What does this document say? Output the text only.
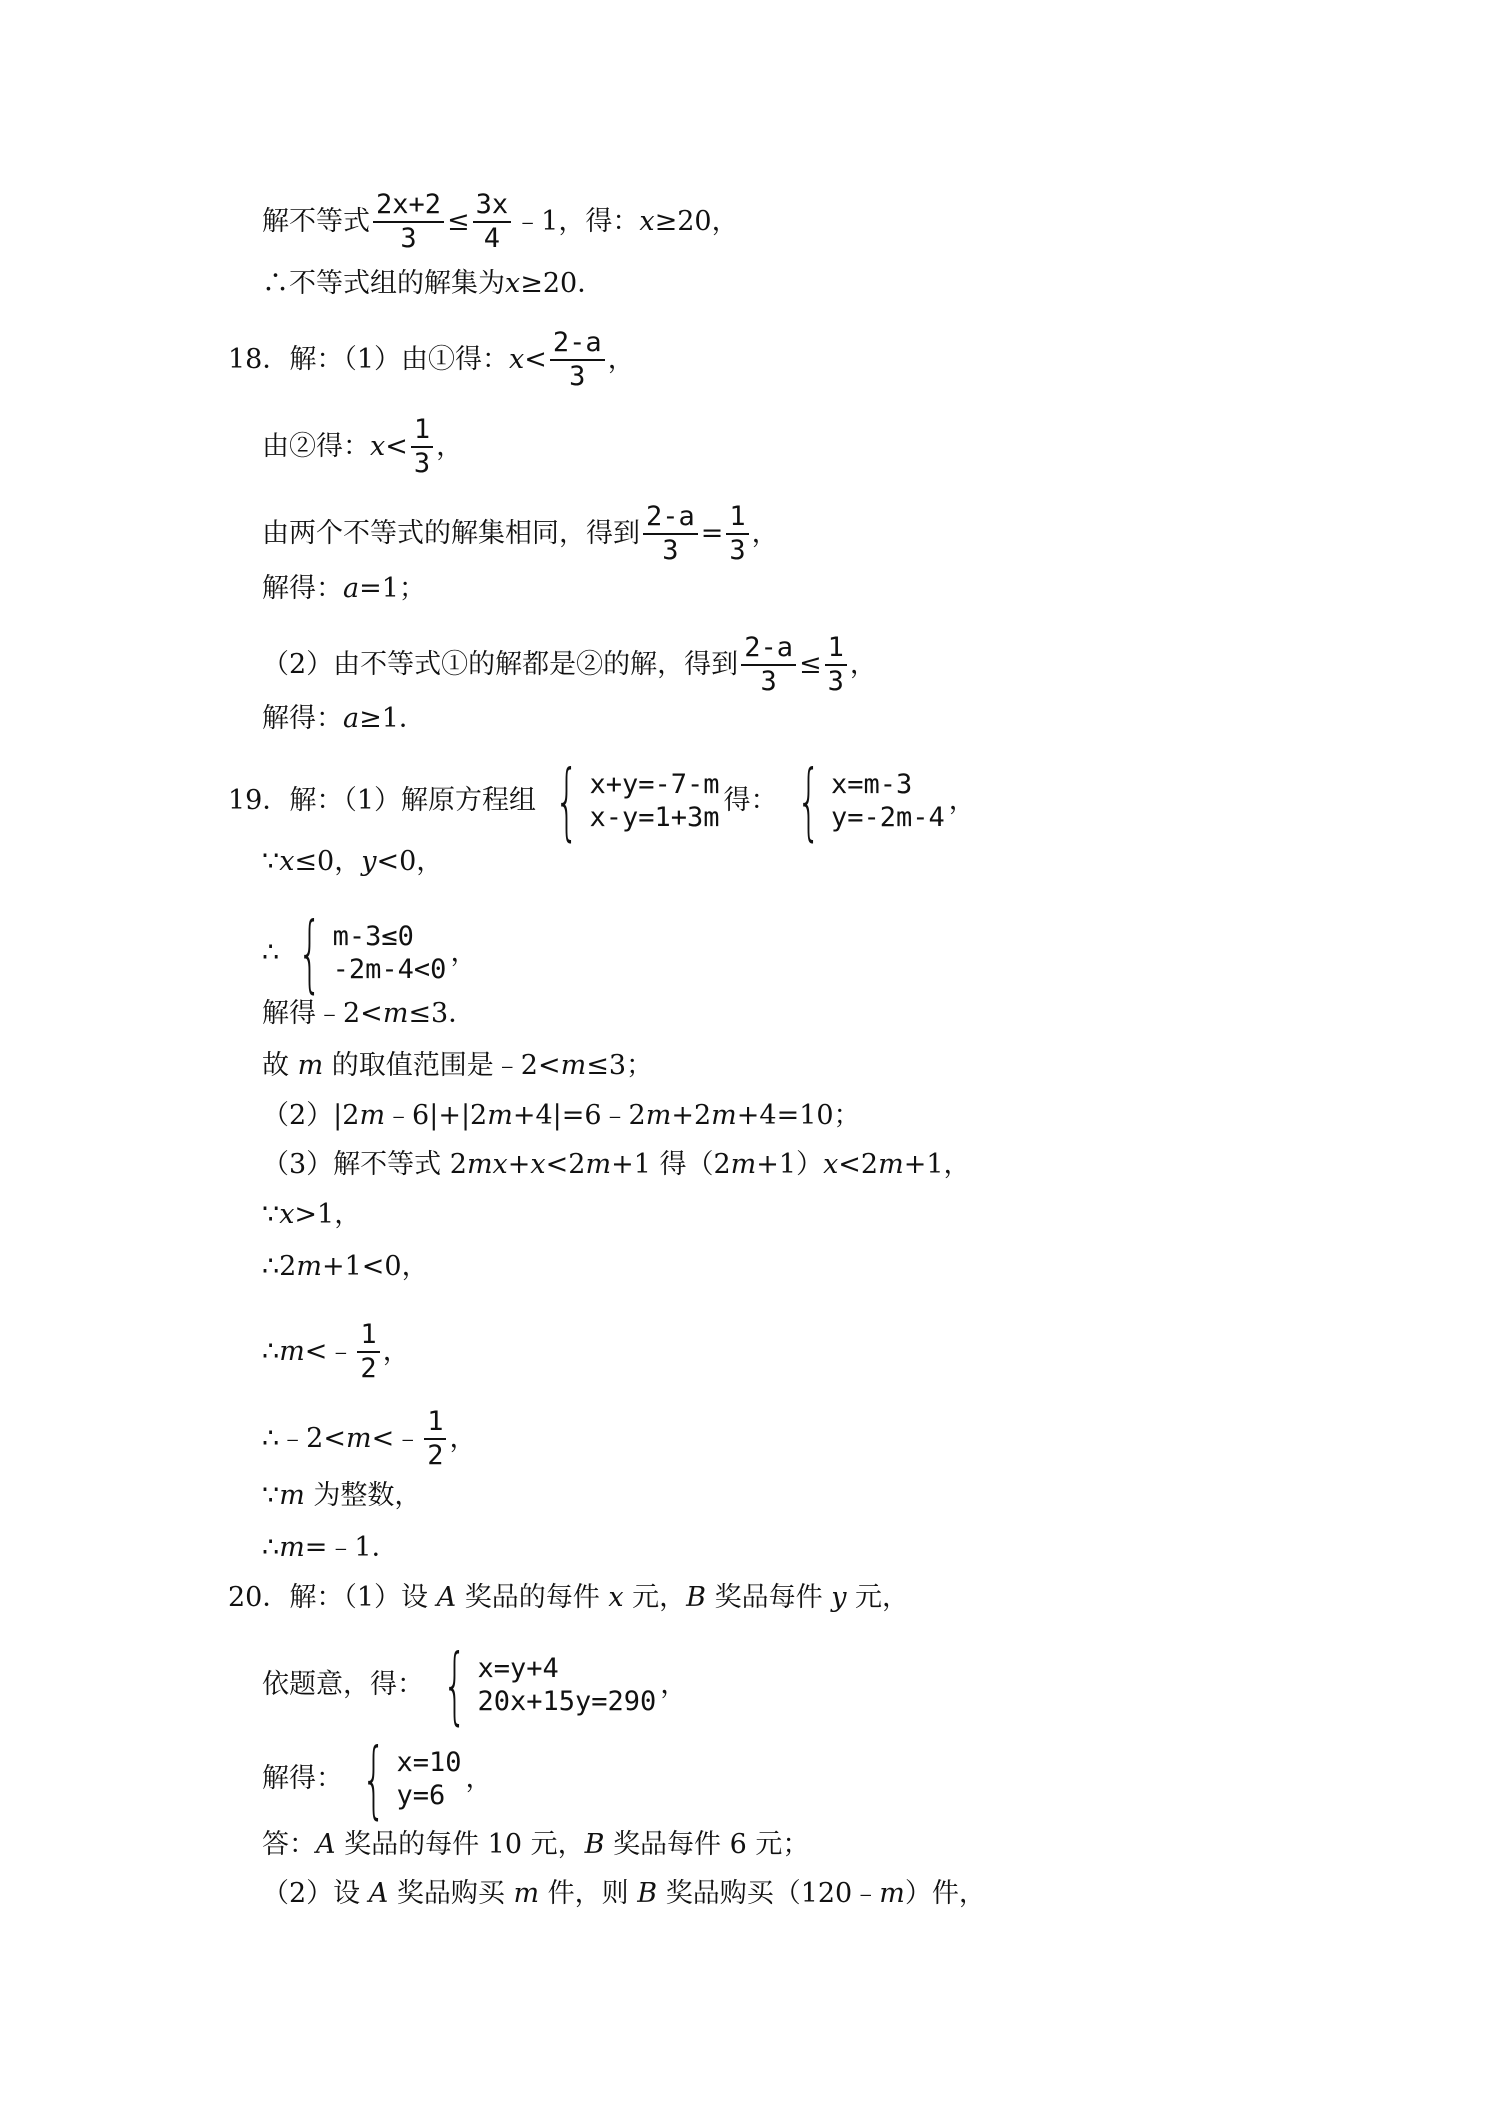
解不等式 $\frac{2x+2}{3} \le \frac{3x}{4}$ ﹣1，得： x ≥20，
∴不等式组的解集为 x ≥20．
18．解：（1）由①得： $x < \frac{2-a}{3}$ ，
由②得： $x < \frac{1}{3}$ ，
由两个不等式的解集相同，得到 $\frac{2-a}{3} = \frac{1}{3}$ ，
解得： a =1；
（2）由不等式①的解都是②的解，得到 $\frac{2-a}{3} \le \frac{1}{3}$ ，
解得： a ≥1．
19．解：（1）解原方程组 { x+y=-7-m
x-y=1+3m
得： { x=m-3
y=-2m-4
，
∵ x ≤0， y <0，
∴ { m-3≤0
-2m-4<0
，
解得﹣2< m ≤3．
故
m
的取值范围是﹣2< m ≤3；
（2）|2 m ﹣6|+|2 m +4|=6﹣2 m +2 m +4=10；
（3）解不等式 2 mx + x <2 m +1 得（2 m +1） x <2 m +1，
∵ x >1，
∴2 m +1<0，
∴ m <﹣ $\frac{1}{2}$ ，
∴﹣2< m <﹣ $\frac{1}{2}$ ，
∵ m
为整数，
∴ m =﹣1．
20．解：（1）设
A
奖品的每件
x
元， B
奖品每件
y
元，
依题意，得： { x=y+4
20x+15y=290
，
解得： { x=10
y=6
，
答： A
奖品的每件 10 元， B
奖品每件 6 元；
（2）设
A
奖品购买
m
件，则
B
奖品购买（120﹣ m ）件，
